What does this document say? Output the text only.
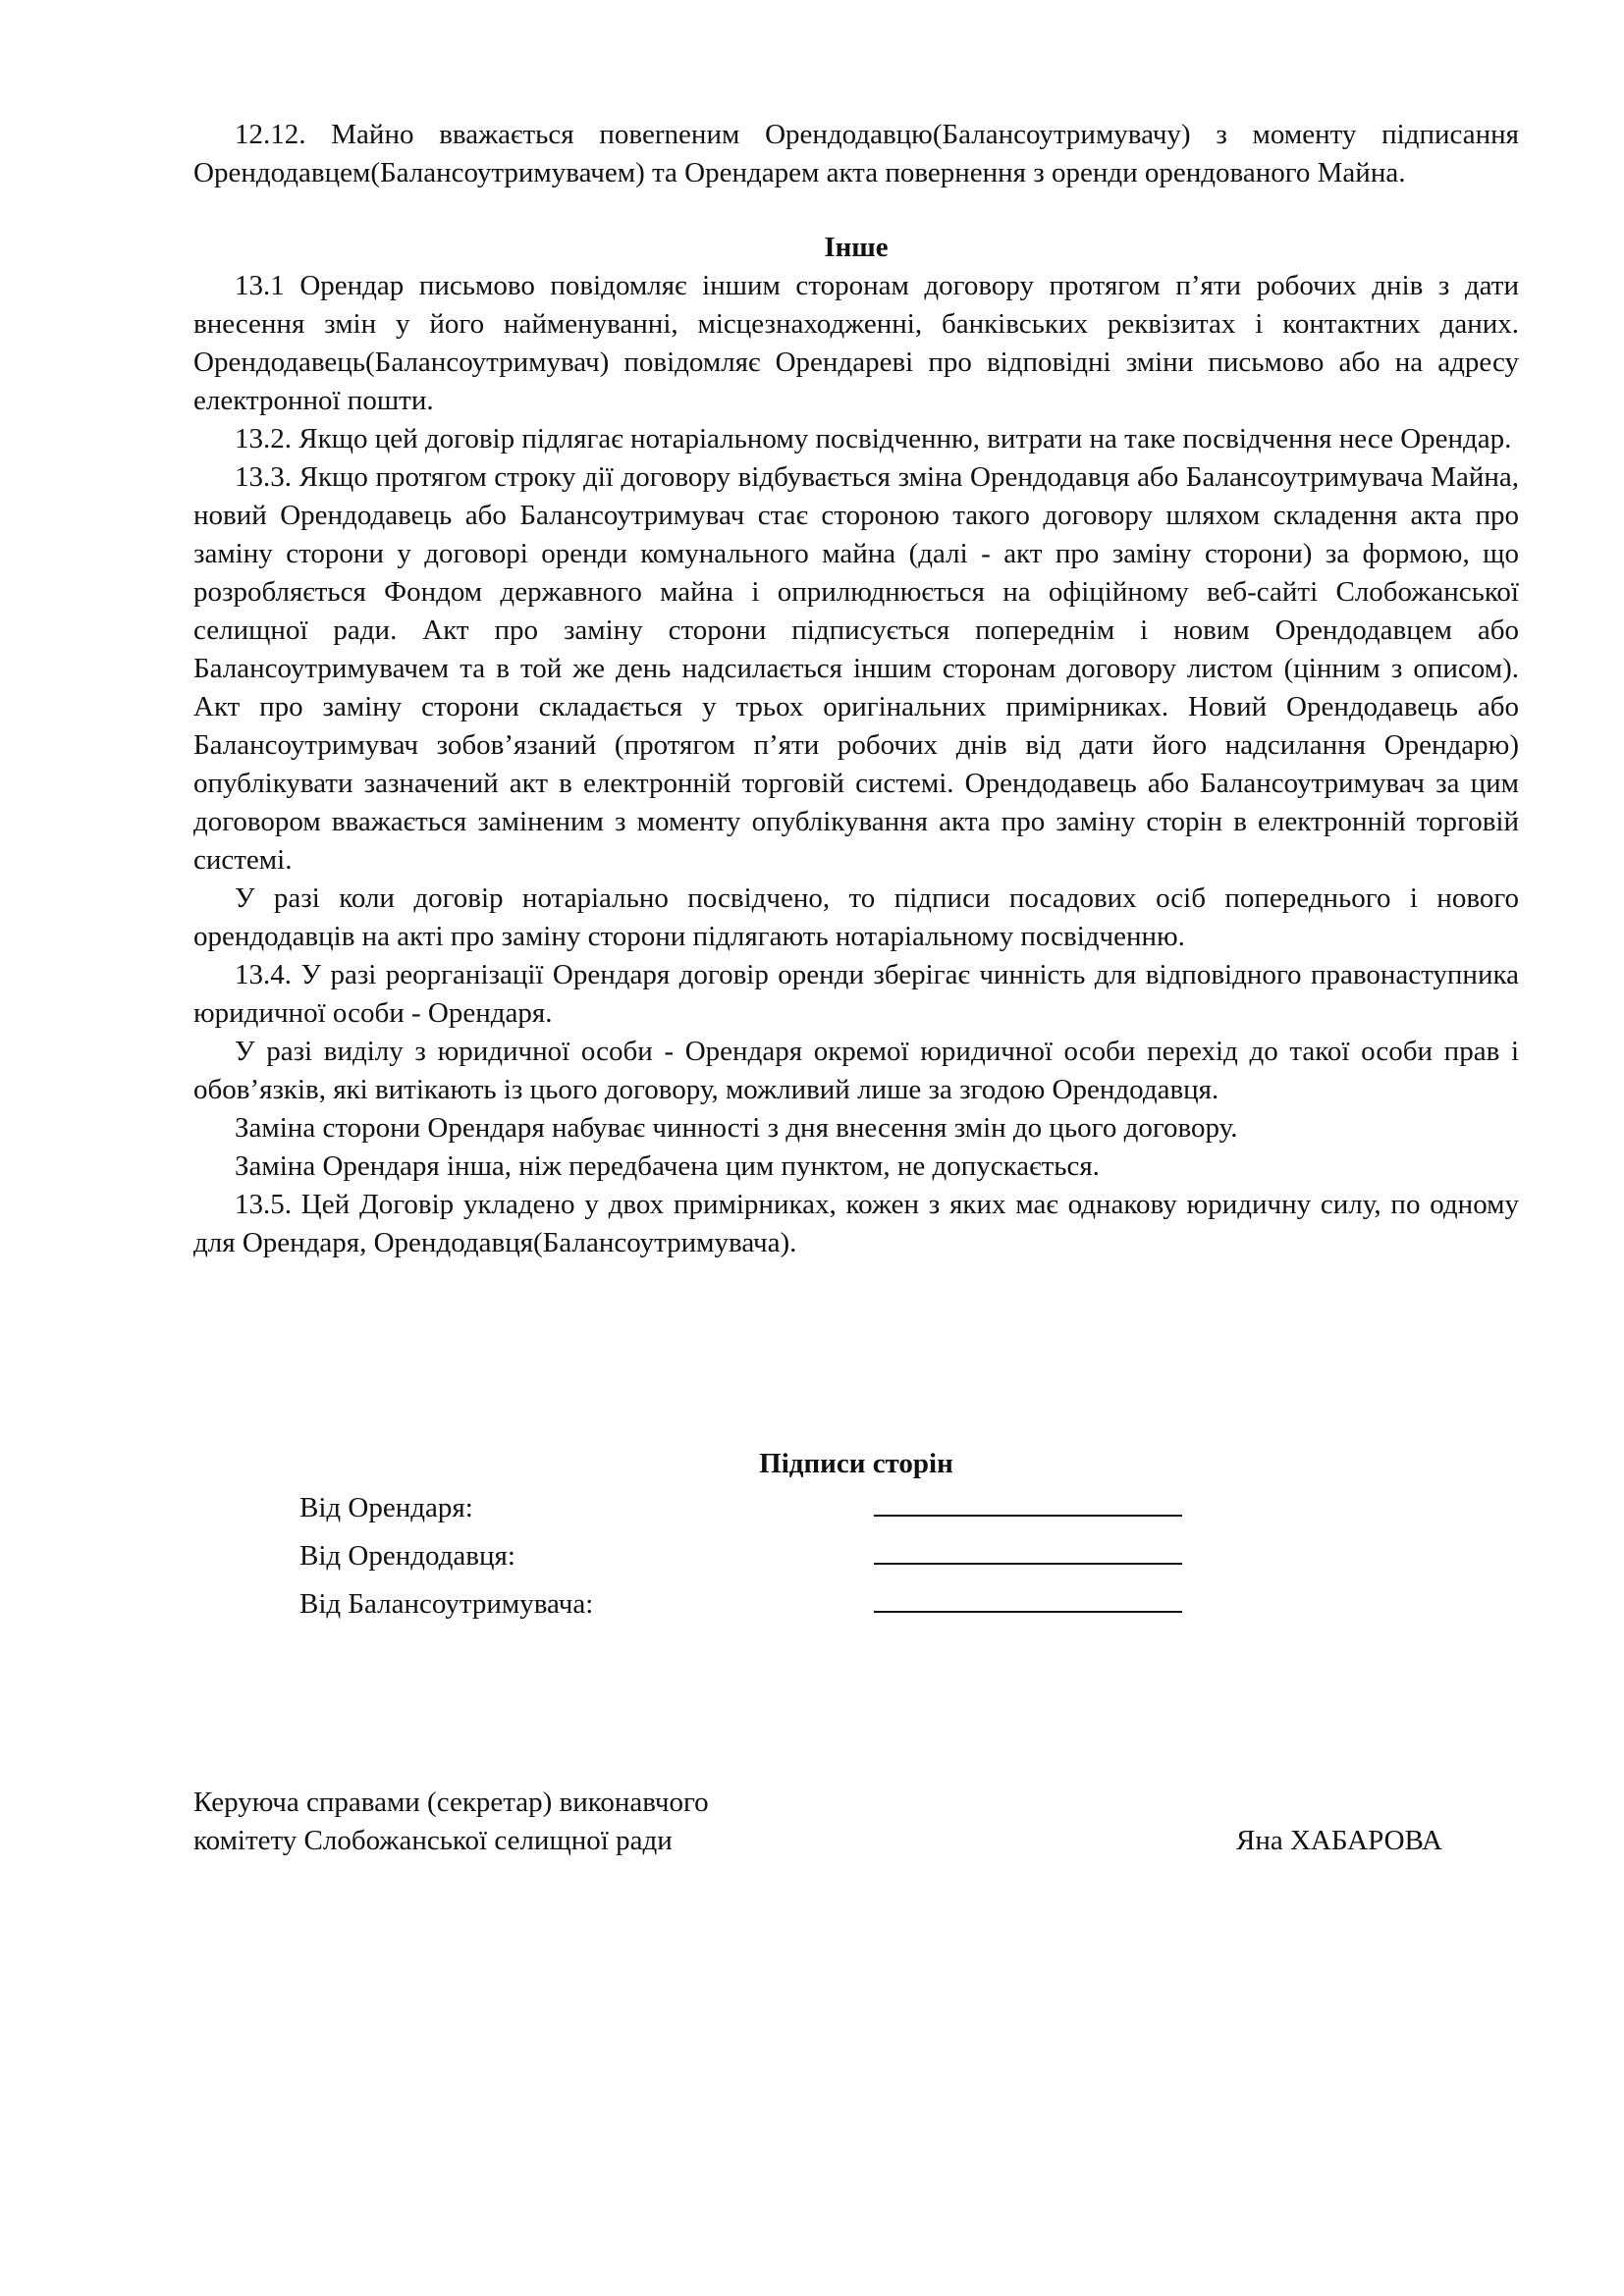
12.12. Майно вважається повerneним Орендодавцю(Балансоутримувачу) з моменту підписання Орендодавцем(Балансоутримувачем) та Орендарем акта повернення з оренди орендованого Майна.

Інше

13.1 Орендар письмово повідомляє іншим сторонам договору протягом п’яти робочих днів з дати внесення змін у його найменуванні, місцезнаходженні, банківських реквізитах і контактних даних. Орендодавець(Балансоутримувач) повідомляє Орендареві про відповідні зміни письмово або на адресу електронної пошти.

13.2. Якщо цей договір підлягає нотаріальному посвідченню, витрати на таке посвідчення несе Орендар.

13.3. Якщо протягом строку дії договору відбувається зміна Орендодавця або Балансоутримувача Майна, новий Орендодавець або Балансоутримувач стає стороною такого договору шляхом складення акта про заміну сторони у договорі оренди комунального майна (далі - акт про заміну сторони) за формою, що розробляється Фондом державного майна і оприлюднюється на офіційному веб-сайті Слобожанської селищної ради. Акт про заміну сторони підписується попереднім і новим Орендодавцем або Балансоутримувачем та в той же день надсилається іншим сторонам договору листом (цінним з описом). Акт про заміну сторони складається у трьох оригінальних примірниках. Новий Орендодавець або Балансоутримувач зобов’язаний (протягом п’яти робочих днів від дати його надсилання Орендарю) опублікувати зазначений акт в електронній торговій системі. Орендодавець або Балансоутримувач за цим договором вважається заміненим з моменту опублікування акта про заміну сторін в електронній торговій системі.

У разі коли договір нотаріально посвідчено, то підписи посадових осіб попереднього і нового орендодавців на акті про заміну сторони підлягають нотаріальному посвідченню.

13.4. У разі реорганізації Орендаря договір оренди зберігає чинність для відповідного правонаступника юридичної особи - Орендаря.

У разі виділу з юридичної особи - Орендаря окремої юридичної особи перехід до такої особи прав і обов’язків, які витікають із цього договору, можливий лише за згодою Орендодавця.

Заміна сторони Орендаря набуває чинності з дня внесення змін до цього договору.

Заміна Орендаря інша, ніж передбачена цим пунктом, не допускається.

13.5. Цей Договір укладено у двох примірниках, кожен з яких має однакову юридичну силу, по одному для Орендаря, Орендодавця(Балансоутримувача).

Підписи сторін
Від Орендаря:
Від Орендодавця:
Від Балансоутримувача:

Керуюча справами (секретар) виконавчого

комітету Слобожанської селищної ради	Яна ХАБАРОВА
